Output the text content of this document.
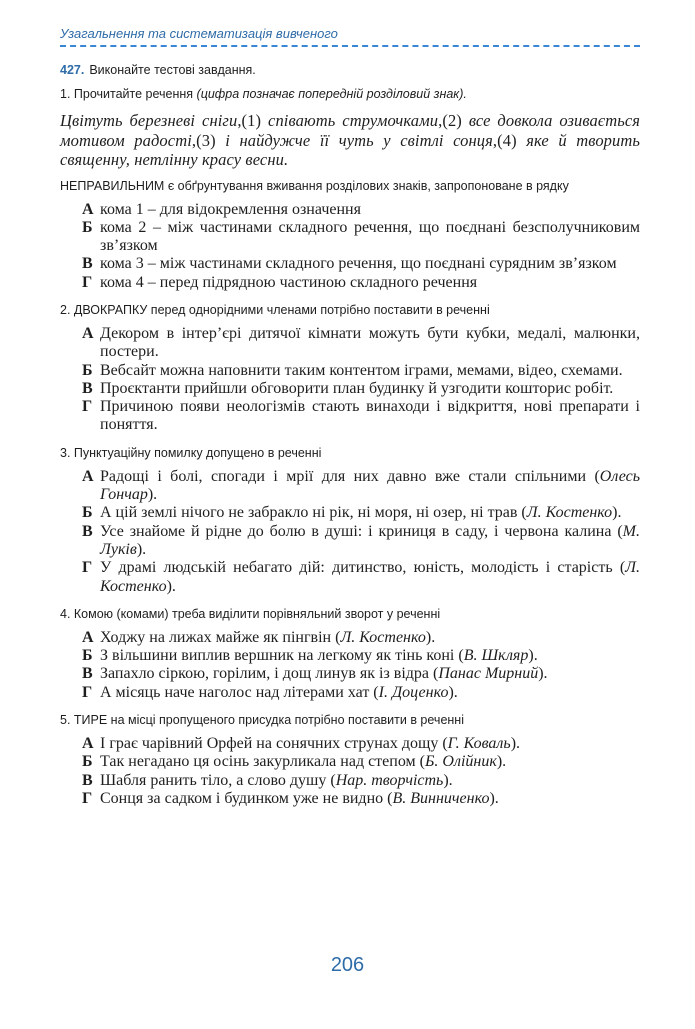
Узагальнення та систематизація вивченого

427. Виконайте тестові завдання.

1. Прочитайте речення (цифра позначає попередній розділовий знак).

Цвітуть березневі сніги,(1) співають струмочками,(2) все довкола озивається мотивом радості,(3) і найдужче її чуть у світлі сонця,(4) яке й творить священну, нетлінну красу весни.

НЕПРАВИЛЬНИМ є обґрунтування вживання розділових знаків, запропоноване в рядку

А кома 1 – для відокремлення означення
Б кома 2 – між частинами складного речення, що поєднані безсполучниковим зв’язком
В кома 3 – між частинами складного речення, що поєднані сурядним зв’язком
Г кома 4 – перед підрядною частиною складного речення

2. ДВОКРАПКУ перед однорідними членами потрібно поставити в реченні

А Декором в інтер’єрі дитячої кімнати можуть бути кубки, медалі, малюнки, постери.
Б Вебсайт можна наповнити таким контентом іграми, мемами, відео, схемами.
В Проєктанти прийшли обговорити план будинку й узгодити кошторис робіт.
Г Причиною появи неологізмів стають винаходи і відкриття, нові препарати і поняття.

3. Пунктуаційну помилку допущено в реченні

А Радощі і болі, спогади і мрії для них давно вже стали спільними (Олесь Гончар).
Б А цій землі нічого не забракло ні рік, ні моря, ні озер, ні трав (Л. Костенко).
В Усе знайоме й рідне до болю в душі: і криниця в саду, і червона калина (М. Луків).
Г У драмі людській небагато дій: дитинство, юність, молодість і старість (Л. Костенко).

4. Комою (комами) треба виділити порівняльний зворот у реченні

А Ходжу на лижах майже як пінгвін (Л. Костенко).
Б З вільшини виплив вершник на легкому як тінь коні (В. Шкляр).
В Запахло сіркою, горілим, і дощ линув як із відра (Панас Мирний).
Г А місяць наче наголос над літерами хат (І. Доценко).

5. ТИРЕ на місці пропущеного присудка потрібно поставити в реченні

А І грає чарівний Орфей на сонячних струнах дощу (Г. Коваль).
Б Так негадано ця осінь закурликала над степом (Б. Олійник).
В Шабля ранить тіло, а слово душу (Нар. творчість).
Г Сонця за садком і будинком уже не видно (В. Винниченко).
206
